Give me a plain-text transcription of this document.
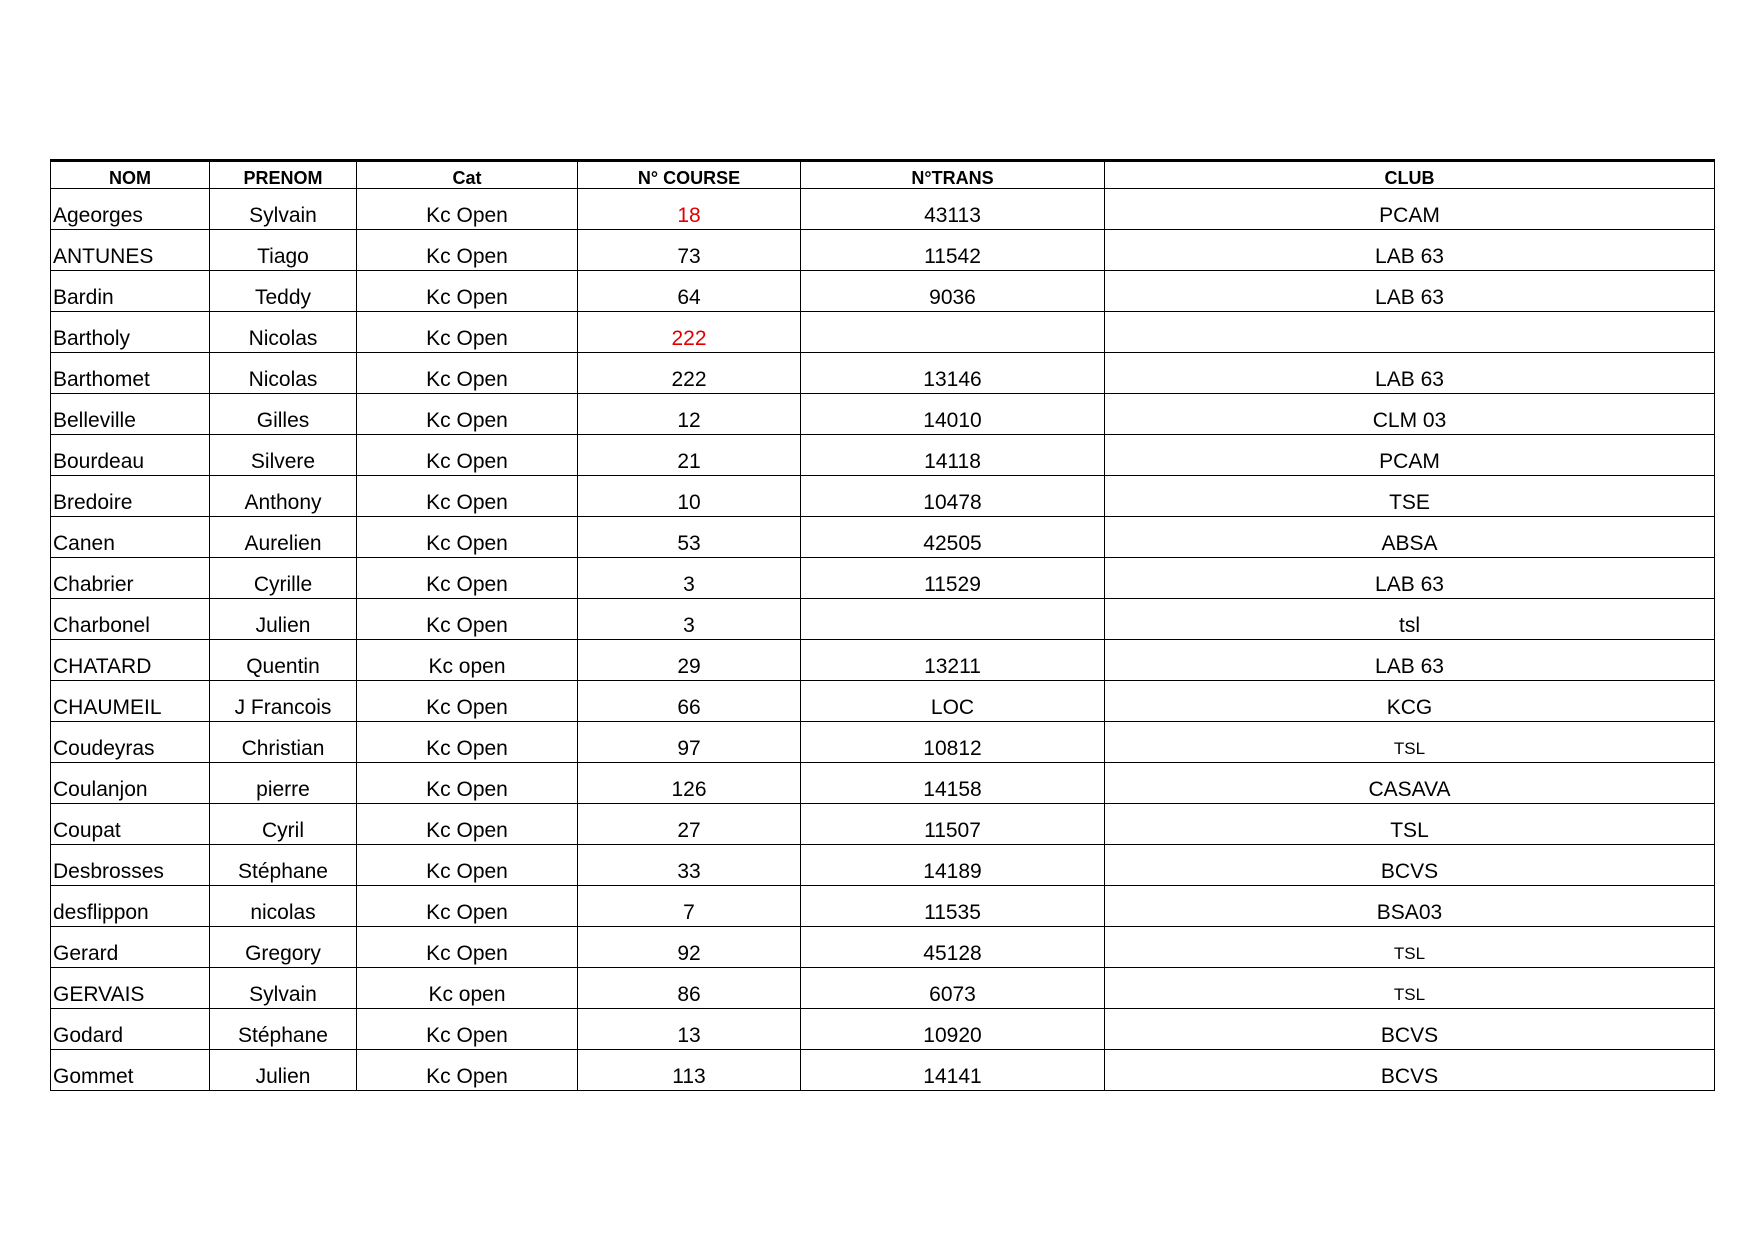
NOM	PRENOM	Cat	N° COURSE	N°TRANS	CLUB
Ageorges	Sylvain	Kc Open	18	43113	PCAM
ANTUNES	Tiago	Kc Open	73	11542	LAB 63
Bardin	Teddy	Kc Open	64	9036	LAB 63
Bartholy	Nicolas	Kc Open	222		
Barthomet	Nicolas	Kc Open	222	13146	LAB 63
Belleville	Gilles	Kc Open	12	14010	CLM 03
Bourdeau	Silvere	Kc Open	21	14118	PCAM
Bredoire	Anthony	Kc Open	10	10478	TSE
Canen	Aurelien	Kc Open	53	42505	ABSA
Chabrier	Cyrille	Kc Open	3	11529	LAB 63
Charbonel	Julien	Kc Open	3		tsl
CHATARD	Quentin	Kc open	29	13211	LAB 63
CHAUMEIL	J Francois	Kc Open	66	LOC	KCG
Coudeyras	Christian	Kc Open	97	10812	TSL
Coulanjon	pierre	Kc Open	126	14158	CASAVA
Coupat	Cyril	Kc Open	27	11507	TSL
Desbrosses	Stéphane	Kc Open	33	14189	BCVS
desflippon	nicolas	Kc Open	7	11535	BSA03
Gerard	Gregory	Kc Open	92	45128	TSL
GERVAIS	Sylvain	Kc open	86	6073	TSL
Godard	Stéphane	Kc Open	13	10920	BCVS
Gommet	Julien	Kc Open	113	14141	BCVS
